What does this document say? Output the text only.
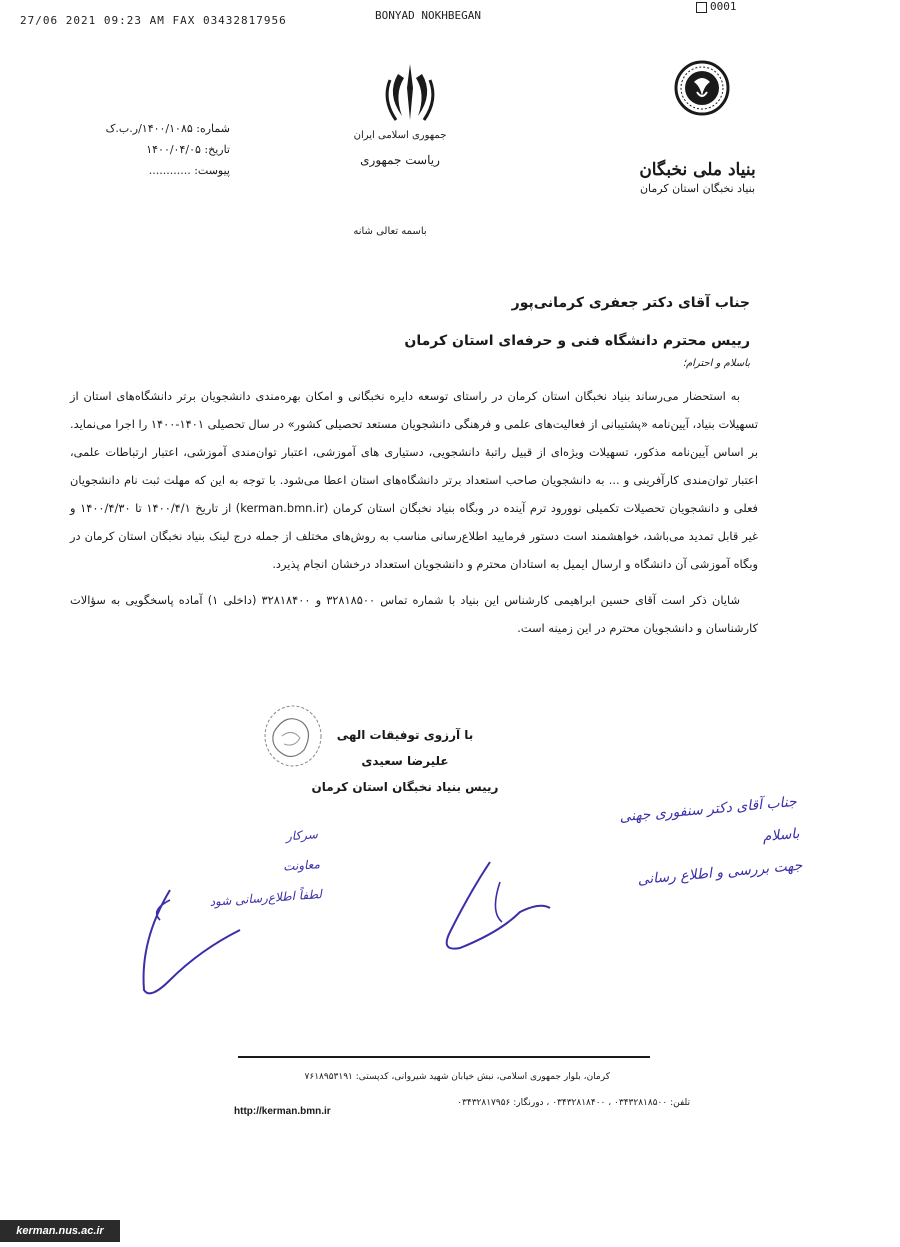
27/06 2021 09:23 AM FAX 03432817956	BONYAD NOKHBEGAN
0001
بنیاد ملی نخبگان
بنیاد نخبگان استان کرمان
جمهوری اسلامی ایران
ریاست جمهوری
باسمه تعالی شانه
شماره: ۱۴۰۰/۱۰۸۵/ر.ب.ک
تاریخ: ۱۴۰۰/۰۴/۰۵
پیوست: ............
جناب آقای دکتر جعفری کرمانی‌پور
رییس محترم دانشگاه فنی و حرفه‌ای استان کرمان
باسلام و احترام؛

به استحضار می‌رساند بنیاد نخبگان استان کرمان در راستای توسعه دایره نخبگانی و امکان بهره‌مندی دانشجویان برتر دانشگاه‌های استان از تسهیلات بنیاد، آیین‌نامه «پشتیبانی از فعالیت‌های علمی و فرهنگی دانشجویان مستعد تحصیلی کشور» در سال تحصیلی ۱۴۰۱-۱۴۰۰ را اجرا می‌نماید. بر اساس آیین‌نامه مذکور، تسهیلات ویژه‌ای از قبیل راتبهٔ دانشجویی، دستیاری های آموزشی، اعتبار توان‌مندی آموزشی، اعتبار ارتباطات علمی، اعتبار توان‌مندی کارآفرینی و ... به دانشجویان صاحب استعداد برتر دانشگاه‌های استان اعطا می‌شود. با توجه به این که مهلت ثبت نام دانشجویان فعلی و دانشجویان تحصیلات تکمیلی نوورود ترم آینده در وبگاه بنیاد نخبگان استان کرمان (kerman.bmn.ir) از تاریخ ۱۴۰۰/۴/۱ تا ۱۴۰۰/۴/۳۰ و غیر قابل تمدید می‌باشد، خواهشمند است دستور فرمایید اطلاع‌رسانی مناسب به روش‌های مختلف از جمله درج لینک بنیاد نخبگان استان کرمان در وبگاه آموزشی آن دانشگاه و ارسال ایمیل به استادان محترم و دانشجویان استعداد درخشان انجام پذیرد.

شایان ذکر است آقای حسین ابراهیمی کارشناس این بنیاد با شماره تماس ۳۲۸۱۸۵۰۰ و ۳۲۸۱۸۴۰۰ (داخلی ۱) آماده پاسخگویی به سؤالات کارشناسان و دانشجویان محترم در این زمینه است.

با آرزوی توفیقات الهی
علیرضا سعیدی
رییس بنیاد نخبگان استان کرمان
جناب آقای دکتر سنفوری جهنی
باسلام
جهت بررسی و اطلاع رسانی
سرکار
معاونت
لطفاً اطلاع‌رسانی شود
کرمان، بلوار جمهوری اسلامی، نبش خیابان شهید شیروانی، کدپستی: ۷۶۱۸۹۵۳۱۹۱
تلفن: ۰۳۴۳۲۸۱۸۵۰۰ ، ۰۳۴۳۲۸۱۸۴۰۰ ، دورنگار: ۰۳۴۳۲۸۱۷۹۵۶
http://kerman.bmn.ir
kerman.nus.ac.ir
